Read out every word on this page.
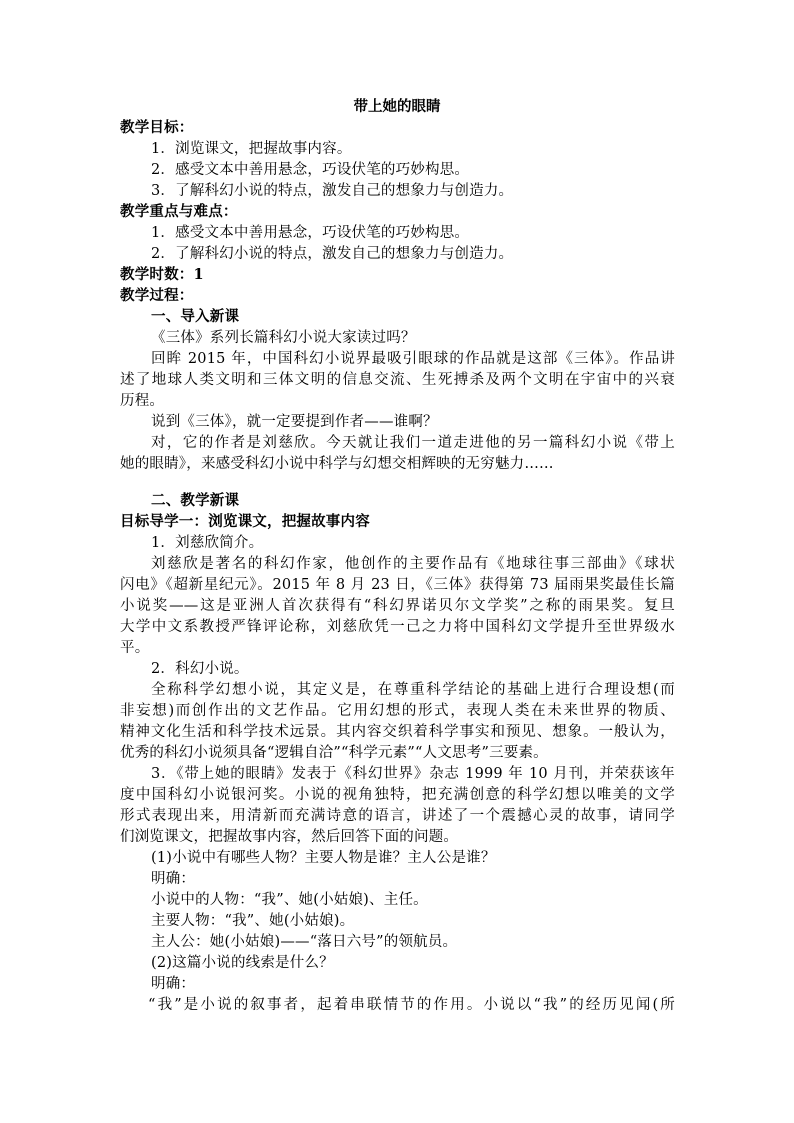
带上她的眼睛
教学目标：
1．浏览课文，把握故事内容。
2．感受文本中善用悬念，巧设伏笔的巧妙构思。
3．了解科幻小说的特点，激发自己的想象力与创造力。
教学重点与难点：
1．感受文本中善用悬念，巧设伏笔的巧妙构思。
2．了解科幻小说的特点，激发自己的想象力与创造力。
教学时数：1
教学过程：
一、导入新课
《三体》系列长篇科幻小说大家读过吗？
回眸 2015 年，中国科幻小说界最吸引眼球的作品就是这部《三体》。作品讲
述了地球人类文明和三体文明的信息交流、生死搏杀及两个文明在宇宙中的兴衰
历程。
说到《三体》，就一定要提到作者——谁啊？
对，它的作者是刘慈欣。今天就让我们一道走进他的另一篇科幻小说《带上
她的眼睛》，来感受科幻小说中科学与幻想交相辉映的无穷魅力……
二、教学新课
目标导学一：浏览课文，把握故事内容
1．刘慈欣简介。
刘慈欣是著名的科幻作家，他创作的主要作品有《地球往事三部曲》《球状
闪电》《超新星纪元》。2015 年 8 月 23 日，《三体》获得第 73 届雨果奖最佳长篇
小说奖——这是亚洲人首次获得有“科幻界诺贝尔文学奖”之称的雨果奖。复旦
大学中文系教授严锋评论称，刘慈欣凭一己之力将中国科幻文学提升至世界级水
平。
2．科幻小说。
全称科学幻想小说，其定义是，在尊重科学结论的基础上进行合理设想(而
非妄想)而创作出的文艺作品。它用幻想的形式，表现人类在未来世界的物质、
精神文化生活和科学技术远景。其内容交织着科学事实和预见、想象。一般认为，
优秀的科幻小说须具备“逻辑自洽”“科学元素”“人文思考”三要素。
3．《带上她的眼睛》发表于《科幻世界》杂志 1999 年 10 月刊，并荣获该年
度中国科幻小说银河奖。小说的视角独特，把充满创意的科学幻想以唯美的文学
形式表现出来，用清新而充满诗意的语言，讲述了一个震撼心灵的故事，请同学
们浏览课文，把握故事内容，然后回答下面的问题。
(1)小说中有哪些人物？主要人物是谁？主人公是谁？
明确：
小说中的人物：“我”、她(小姑娘)、主任。
主要人物：“我”、她(小姑娘)。
主人公：她(小姑娘)——“落日六号”的领航员。
(2)这篇小说的线索是什么？
明确：
“我”是小说的叙事者，起着串联情节的作用。小说以“我”的经历见闻(所
